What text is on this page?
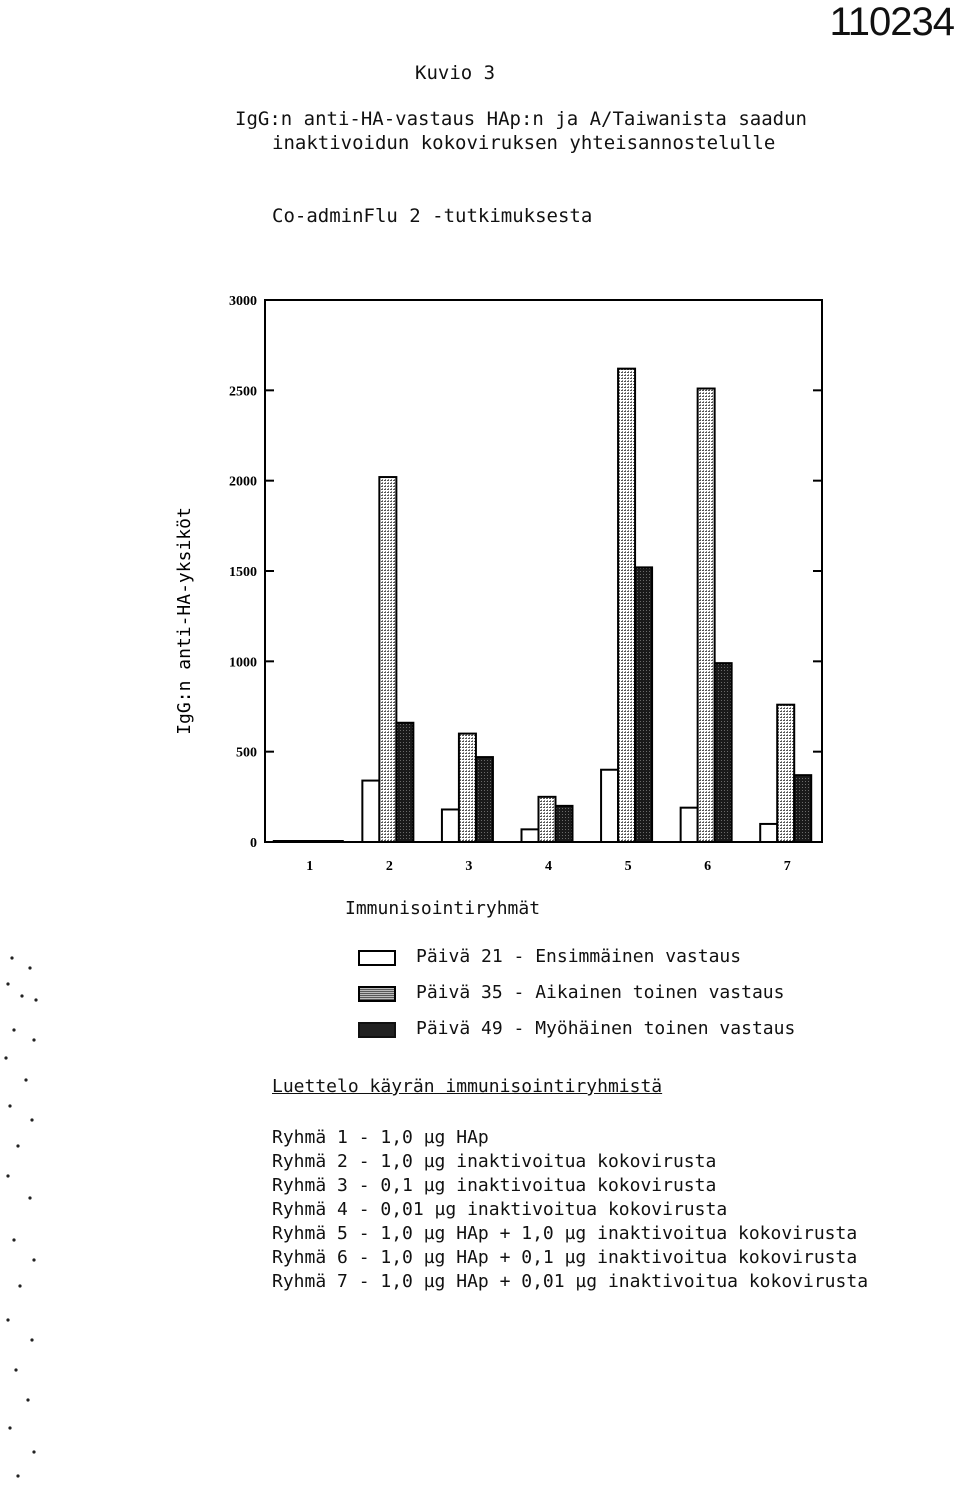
110234
Kuvio 3
IgG:n anti-HA-vastaus HAp:n ja A/Taiwanista saadun
inaktivoidun kokoviruksen yhteisannostelulle
Co-adminFlu 2 -tutkimuksesta
0
500
1000
1500
2000
2500
3000
IgG:n anti-HA-yksiköt
1	2	3	4	5	6	7
Immunisointiryhmät
Päivä 21 - Ensimmäinen vastaus
Päivä 35 - Aikainen toinen vastaus
Päivä 49 - Myöhäinen toinen vastaus
Luettelo käyrän immunisointiryhmistä
Ryhmä 1 - 1,0 µg HAp
Ryhmä 2 - 1,0 µg inaktivoitua kokovirusta
Ryhmä 3 - 0,1 µg inaktivoitua kokovirusta
Ryhmä 4 - 0,01 µg inaktivoitua kokovirusta
Ryhmä 5 - 1,0 µg HAp + 1,0 µg inaktivoitua kokovirusta
Ryhmä 6 - 1,0 µg HAp + 0,1 µg inaktivoitua kokovirusta
Ryhmä 7 - 1,0 µg HAp + 0,01 µg inaktivoitua kokovirusta
